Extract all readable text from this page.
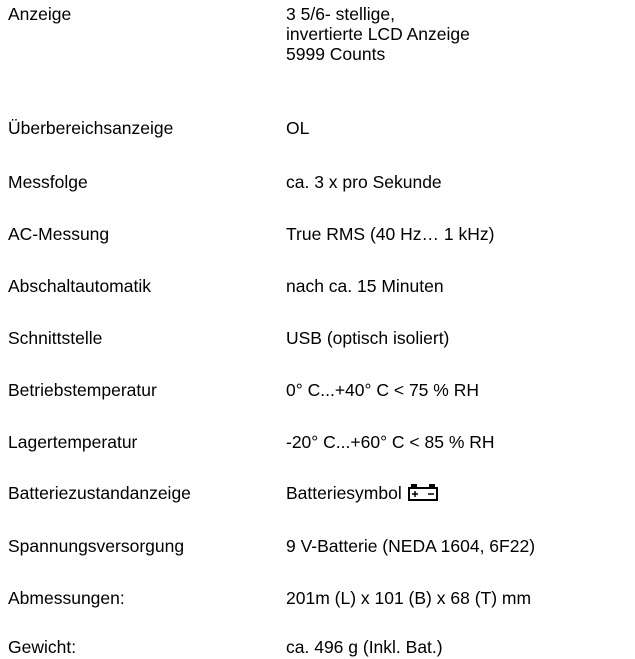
Anzeige	3 5/6- stellige,
invertierte LCD Anzeige
5999 Counts
Überbereichsanzeige	OL
Messfolge	ca. 3 x pro Sekunde
AC-Messung	True RMS (40 Hz… 1 kHz)
Abschaltautomatik	nach ca. 15 Minuten
Schnittstelle	USB (optisch isoliert)
Betriebstemperatur	0° C...+40° C < 75 % RH
Lagertemperatur	-20° C...+60° C < 85 % RH
Batteriezustandanzeige	Batteriesymbol
Spannungsversorgung	9 V-Batterie (NEDA 1604, 6F22)
Abmessungen:	201m (L) x 101 (B) x 68 (T) mm
Gewicht:	ca. 496 g (Inkl. Bat.)
